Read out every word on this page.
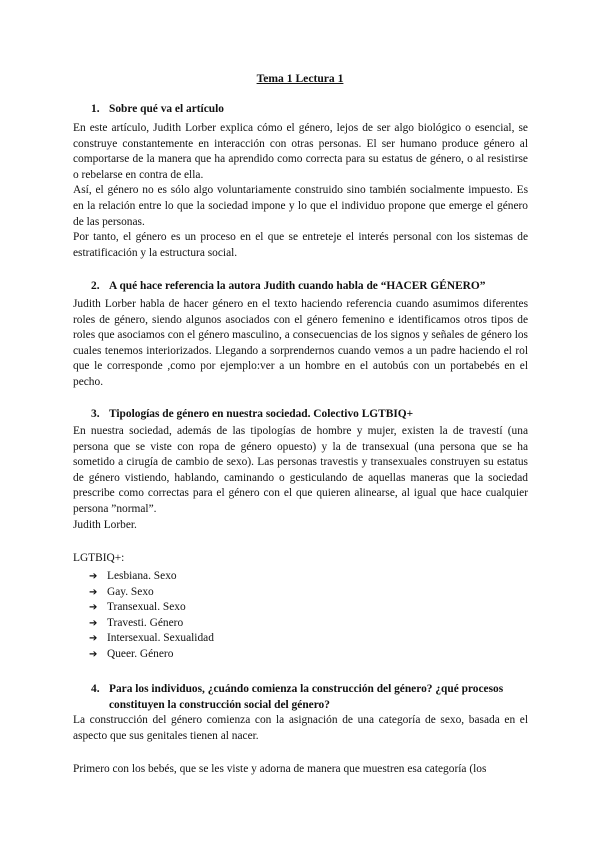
Tema 1 Lectura 1
1. Sobre qué va el artículo

En este artículo, Judith Lorber explica cómo el género, lejos de ser algo biológico o esencial, se construye constantemente en interacción con otras personas. El ser humano produce género al comportarse de la manera que ha aprendido como correcta para su estatus de género, o al resistirse o rebelarse en contra de ella.

Así, el género no es sólo algo voluntariamente construido sino también socialmente impuesto. Es en la relación entre lo que la sociedad impone y lo que el individuo propone que emerge el género de las personas.

Por tanto, el género es un proceso en el que se entreteje el interés personal con los sistemas de estratificación y la estructura social.

2. A qué hace referencia la autora Judith cuando habla de “HACER GÉNERO”

Judith Lorber habla de hacer género en el texto haciendo referencia cuando asumimos diferentes roles de género, siendo algunos asociados con el género femenino e identificamos otros tipos de roles que asociamos con el género masculino, a consecuencias de los signos y señales de género los cuales tenemos interiorizados. Llegando a sorprendernos cuando vemos a un padre haciendo el rol que le corresponde ,como por ejemplo:ver a un hombre en el autobús con un portabebés en el pecho.

3. Tipologías de género en nuestra sociedad. Colectivo LGTBIQ+

En nuestra sociedad, además de las tipologías de hombre y mujer, existen la de travestí (una persona que se viste con ropa de género opuesto) y la de transexual (una persona que se ha sometido a cirugía de cambio de sexo). Las personas travestis y transexuales construyen su estatus de género vistiendo, hablando, caminando o gesticulando de aquellas maneras que la sociedad prescribe como correctas para el género con el que quieren alinearse, al igual que hace cualquier persona ”normal”.

Judith Lorber.

LGTBIQ+:

➔ Lesbiana. Sexo
➔ Gay. Sexo
➔ Transexual. Sexo
➔ Travesti. Género
➔ Intersexual. Sexualidad
➔ Queer. Género
4. Para los individuos, ¿cuándo comienza la construcción del género? ¿qué procesos
constituyen la construcción social del género?

La construcción del género comienza con la asignación de una categoría de sexo, basada en el aspecto que sus genitales tienen al nacer.

Primero con los bebés, que se les viste y adorna de manera que muestren esa categoría (los
